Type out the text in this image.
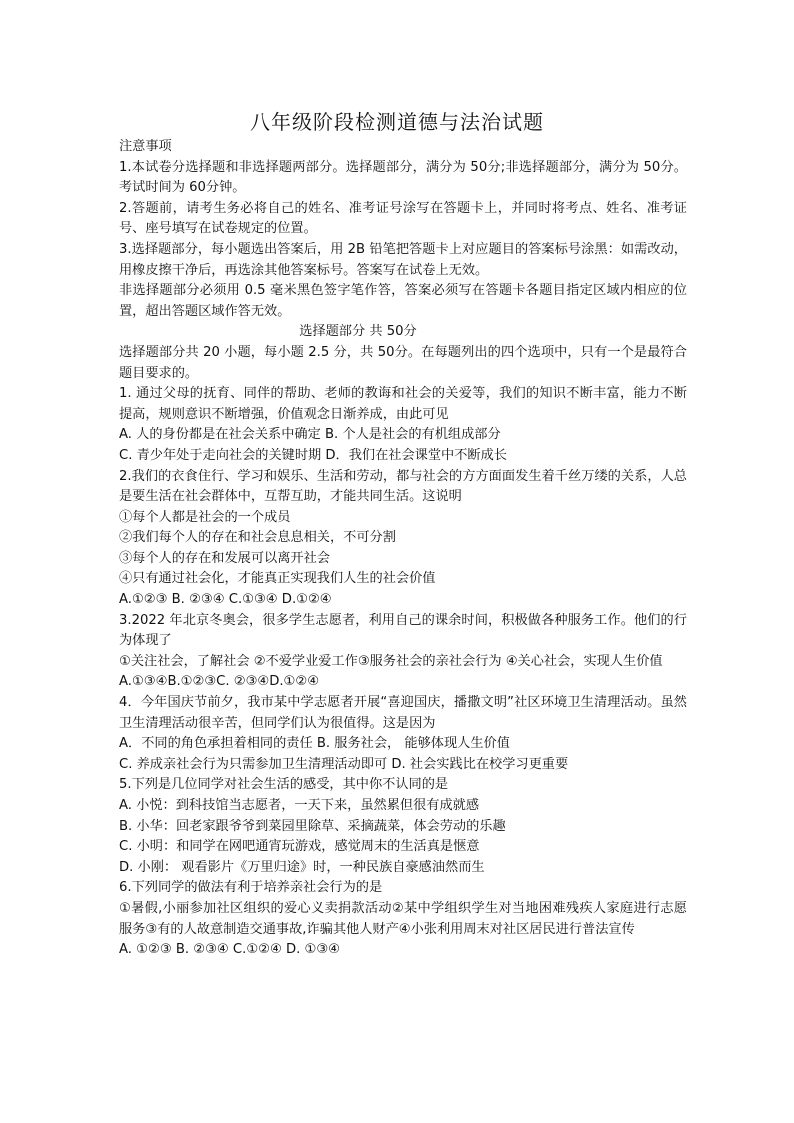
八年级阶段检测道德与法治试题
注意事项
1.本试卷分选择题和非选择题两部分。选择题部分，满分为 50分;非选择题部分，满分为 50分。考试时间为 60分钟。
2.答题前，请考生务必将自己的姓名、准考证号涂写在答题卡上，并同时将考点、姓名、准考证号、座号填写在试卷规定的位置。
3.选择题部分，每小题选出答案后，用 2B 铅笔把答题卡上对应题目的答案标号涂黑：如需改动，用橡皮擦干净后，再选涂其他答案标号。答案写在试卷上无效。
非选择题部分必须用 0.5 毫米黑色签字笔作答，答案必须写在答题卡各题目指定区域内相应的位置，超出答题区域作答无效。
选择题部分 共 50分
选择题部分共 20 小题，每小题 2.5 分，共 50分。在每题列出的四个选项中，只有一个是最符合题目要求的。
1. 通过父母的抚育、同伴的帮助、老师的教诲和社会的关爱等，我们的知识不断丰富，能力不断提高，规则意识不断增强，价值观念日渐养成，由此可见
A. 人的身份都是在社会关系中确定 B. 个人是社会的有机组成部分
C. 青少年处于走向社会的关键时期 D．我们在社会课堂中不断成长
2.我们的衣食住行、学习和娱乐、生活和劳动，都与社会的方方面面发生着千丝万缕的关系，人总是要生活在社会群体中，互帮互助，才能共同生活。这说明
①每个人都是社会的一个成员
②我们每个人的存在和社会息息相关，不可分割
③每个人的存在和发展可以离开社会
④只有通过社会化，才能真正实现我们人生的社会价值
A.①②③ B. ②③④ C.①③④ D.①②④
3.2022 年北京冬奥会，很多学生志愿者，利用自己的课余时间，积极做各种服务工作。他们的行为体现了
①关注社会，了解社会 ②不爱学业爱工作③服务社会的亲社会行为 ④关心社会，实现人生价值
A.①③④B.①②③C. ②③④D.①②④
4．今年国庆节前夕，我市某中学志愿者开展“喜迎国庆，播撒文明”社区环境卫生清理活动。虽然卫生清理活动很辛苦，但同学们认为很值得。这是因为
A．不同的角色承担着相同的责任 B. 服务社会， 能够体现人生价值
C. 养成亲社会行为只需参加卫生清理活动即可 D. 社会实践比在校学习更重要
5.下列是几位同学对社会生活的感受，其中你不认同的是
A. 小悦：到科技馆当志愿者，一天下来，虽然累但很有成就感
B. 小华：回老家跟爷爷到菜园里除草、采摘蔬菜，体会劳动的乐趣
C. 小明：和同学在网吧通宵玩游戏，感觉周末的生活真是惬意
D. 小刚： 观看影片《万里归途》时，一种民族自豪感油然而生
6.下列同学的做法有利于培养亲社会行为的是
①暑假,小丽参加社区组织的爱心义卖捐款活动②某中学组织学生对当地困难残疾人家庭进行志愿服务③有的人故意制造交通事故,诈骗其他人财产④小张利用周末对社区居民进行普法宣传
A. ①②③ B. ②③④ C.①②④ D. ①③④
